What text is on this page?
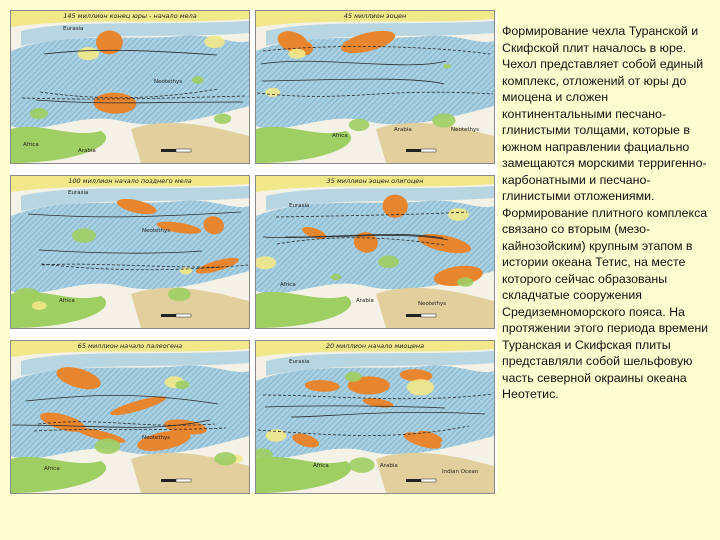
145 миллион конец юры - начало мела
Eurasia
Neotethys
Africa
Arabia
45 миллион эоцен
Africa
Arabia	Neotethys
100 миллион начало позднего мела
Eurasia
Neotethys
Africa
35 миллион эоцен олигоцен
Eurasia
Africa
Arabia	Neotethys
65 миллион начало палеогена
Neotethys
Africa
20 миллион начало миоцена
Eurasia
Africa	Arabia
Indian Ocean

Формирование чехла Туранской и Скифской плит началось в юре. Чехол представляет собой единый комплекс, отложений от юры до миоцена и сложен континентальными песчано-глинистыми толщами, которые в южном направлении фациально замещаются морскими терригенно-карбонатными и песчано-глинистыми отложениями. Формирование плитного комплекса связано со вторым (мезо-кайнозойским) крупным этапом в истории океана Тетис, на месте которого сейчас образованы складчатые сооружения Средиземноморского пояса. На протяжении этого периода времени Туранская и Скифская плиты представляли собой шельфовую часть северной окраины океана Неотетис.
